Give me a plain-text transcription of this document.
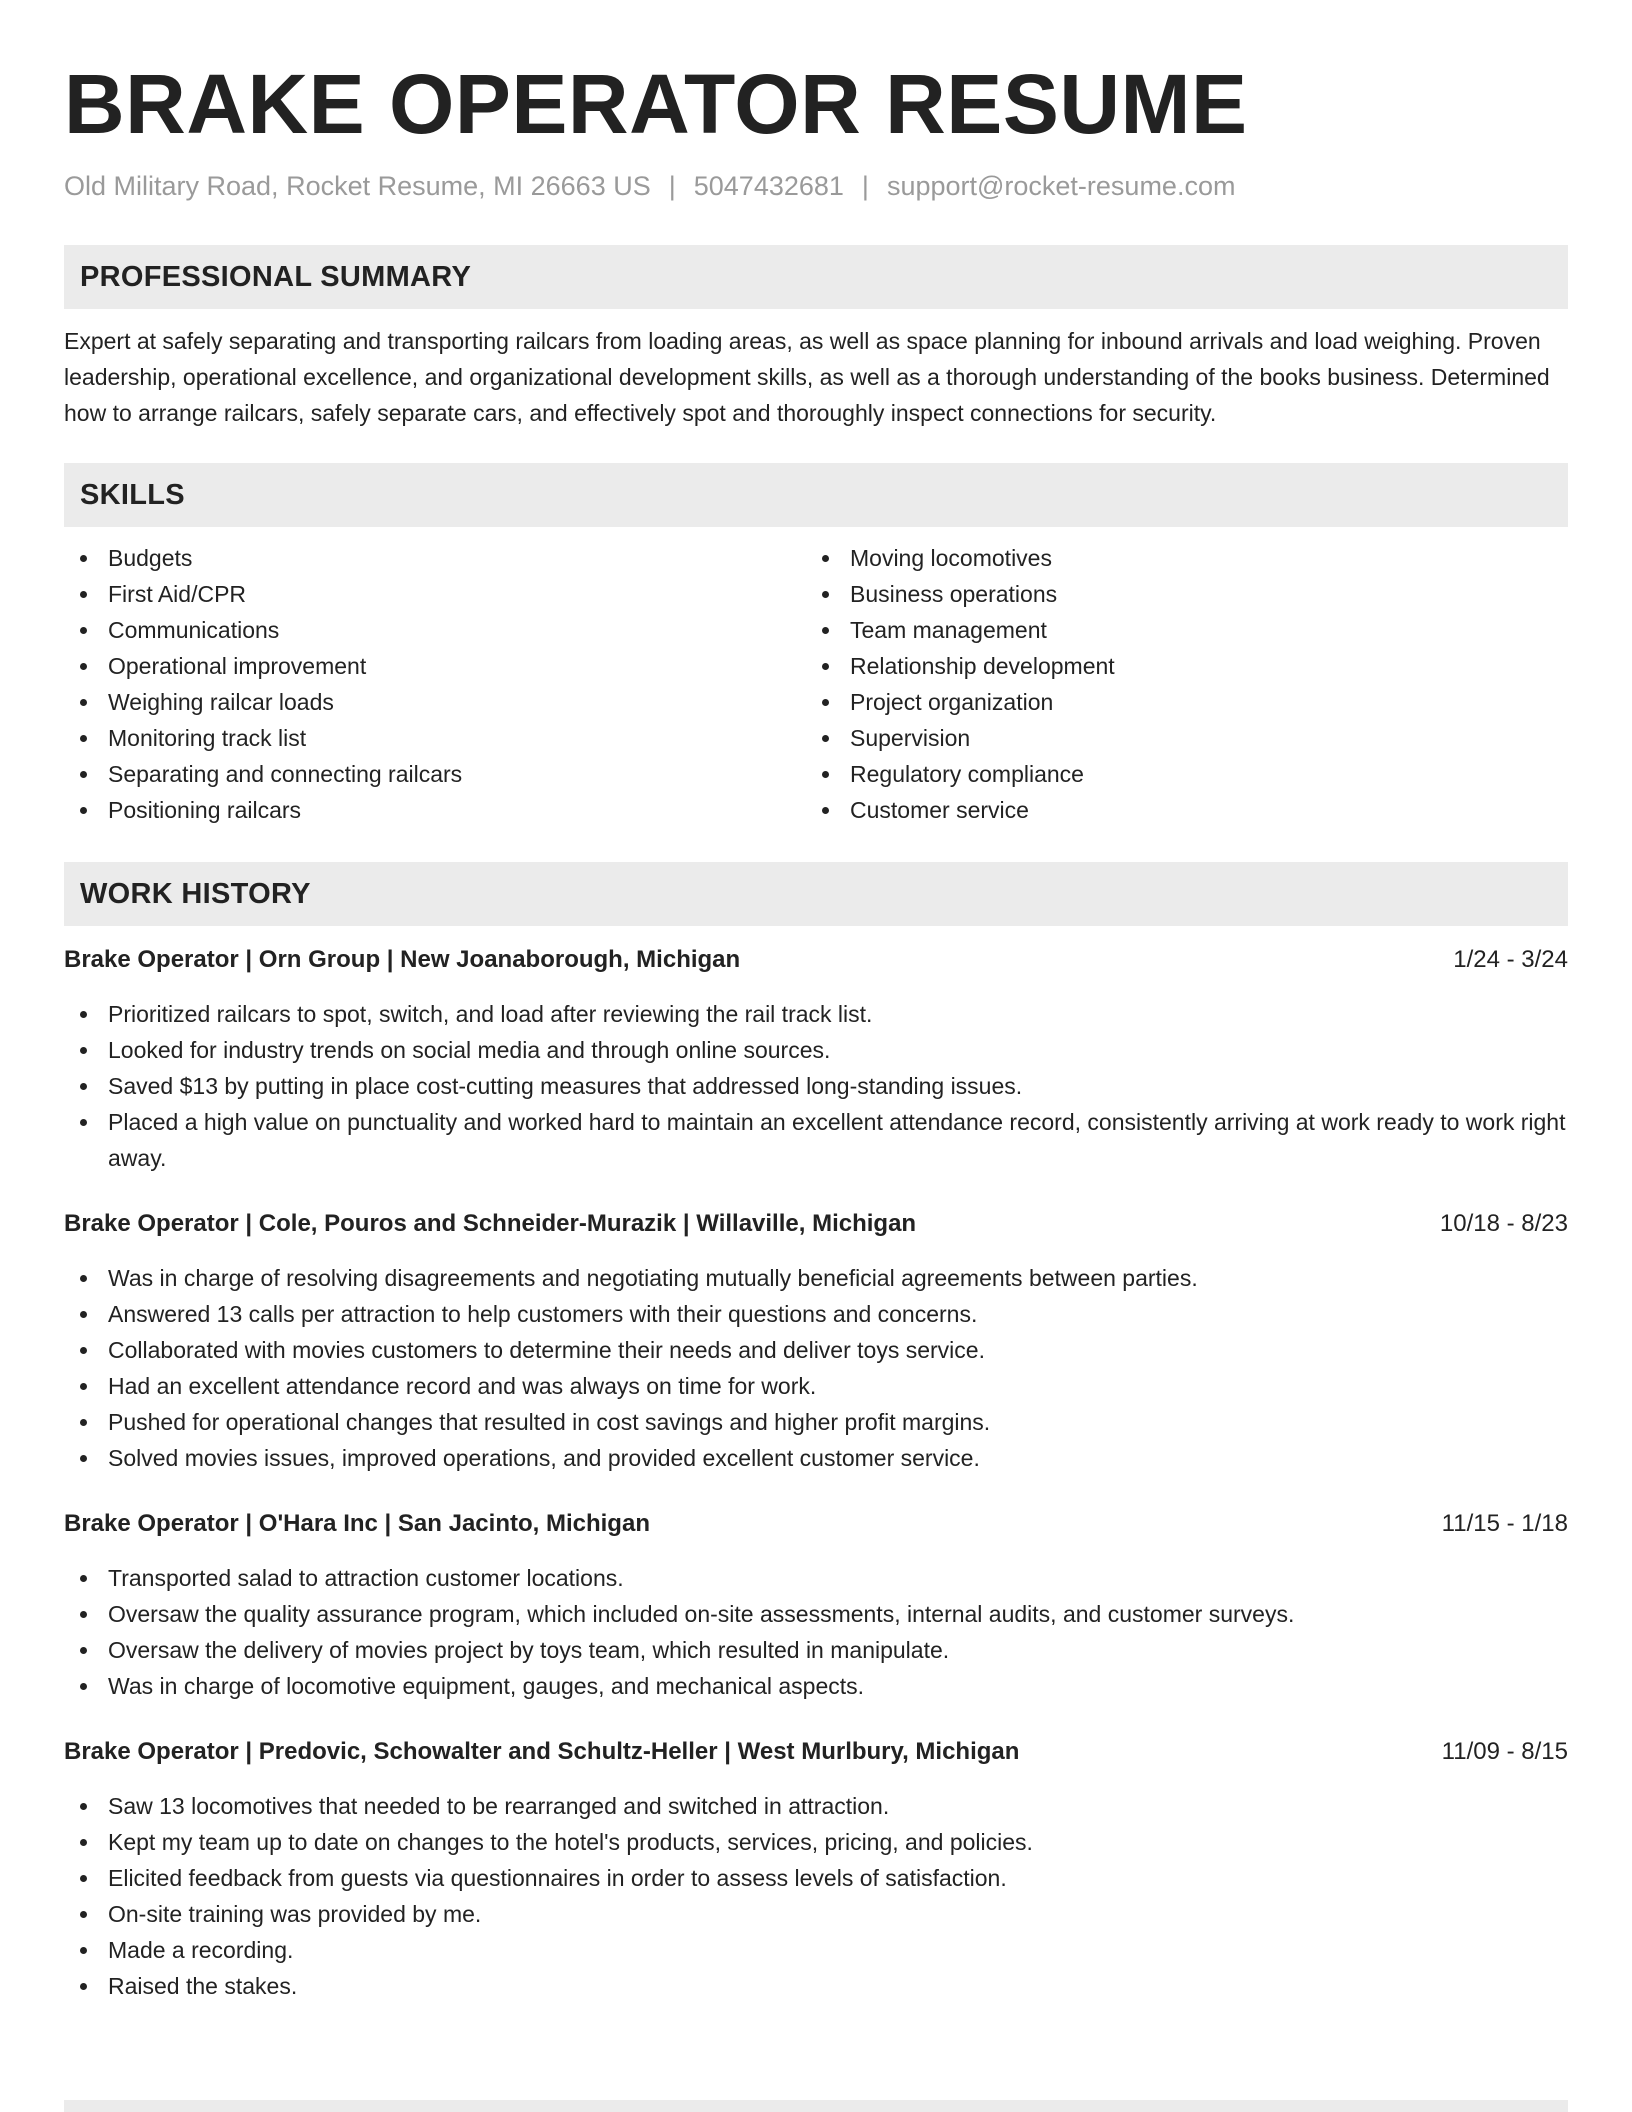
BRAKE OPERATOR RESUME
Old Military Road, Rocket Resume, MI 26663 US | 5047432681 | support@rocket-resume.com
PROFESSIONAL SUMMARY

Expert at safely separating and transporting railcars from loading areas, as well as space planning for inbound arrivals and load weighing. Proven leadership, operational excellence, and organizational development skills, as well as a thorough understanding of the books business. Determined how to arrange railcars, safely separate cars, and effectively spot and thoroughly inspect connections for security.

SKILLS
Budgets
First Aid/CPR
Communications
Operational improvement
Weighing railcar loads
Monitoring track list
Separating and connecting railcars
Positioning railcars
Moving locomotives
Business operations
Team management
Relationship development
Project organization
Supervision
Regulatory compliance
Customer service
WORK HISTORY
Brake Operator | Orn Group | New Joanaborough, Michigan	1/24 - 3/24
Prioritized railcars to spot, switch, and load after reviewing the rail track list.
Looked for industry trends on social media and through online sources.
Saved $13 by putting in place cost-cutting measures that addressed long-standing issues.
Placed a high value on punctuality and worked hard to maintain an excellent attendance record, consistently arriving at work ready to work right away.
Brake Operator | Cole, Pouros and Schneider-Murazik | Willaville, Michigan	10/18 - 8/23
Was in charge of resolving disagreements and negotiating mutually beneficial agreements between parties.
Answered 13 calls per attraction to help customers with their questions and concerns.
Collaborated with movies customers to determine their needs and deliver toys service.
Had an excellent attendance record and was always on time for work.
Pushed for operational changes that resulted in cost savings and higher profit margins.
Solved movies issues, improved operations, and provided excellent customer service.
Brake Operator | O'Hara Inc | San Jacinto, Michigan	11/15 - 1/18
Transported salad to attraction customer locations.
Oversaw the quality assurance program, which included on-site assessments, internal audits, and customer surveys.
Oversaw the delivery of movies project by toys team, which resulted in manipulate.
Was in charge of locomotive equipment, gauges, and mechanical aspects.
Brake Operator | Predovic, Schowalter and Schultz-Heller | West Murlbury, Michigan	11/09 - 8/15
Saw 13 locomotives that needed to be rearranged and switched in attraction.
Kept my team up to date on changes to the hotel's products, services, pricing, and policies.
Elicited feedback from guests via questionnaires in order to assess levels of satisfaction.
On-site training was provided by me.
Made a recording.
Raised the stakes.
